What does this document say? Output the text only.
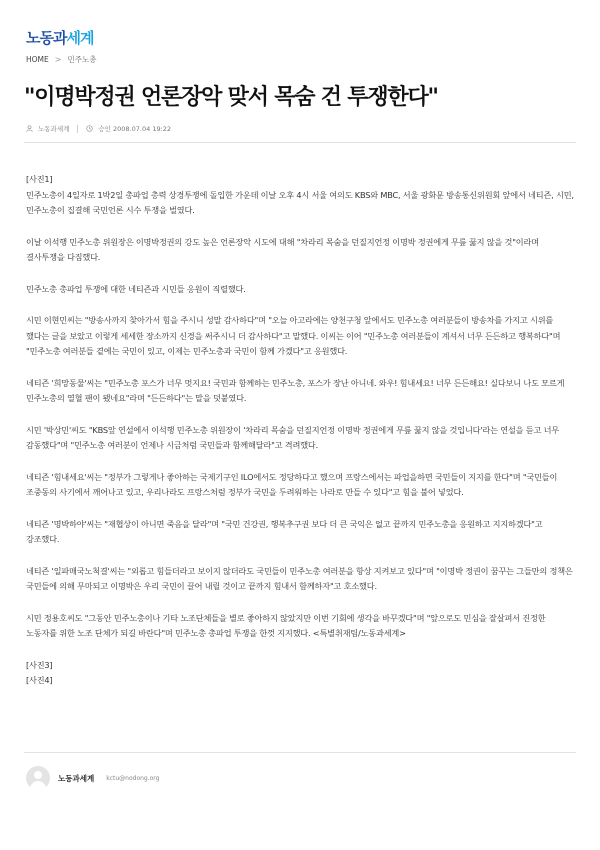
노동과세계
HOME > 민주노총
"이명박정권 언론장악 맞서 목숨 건 투쟁한다"
노동과세계	승인 2008.07.04 19:22

[사진1]
민주노총이 4일자로 1박2일 총파업 총력 상경투쟁에 돌입한 가운데 이날 오후 4시 서울 여의도 KBS와 MBC, 서울 광화문 방송통신위원회 앞에서 네티즌, 시민, 민주노총이 집결해 국민언론 시수 투쟁을 벌였다.

이날 이석행 민주노총 위원장은 이명박정권의 강도 높은 언론장악 시도에 대해 "차라리 목숨을 던질지언정 이명박 정권에게 무릎 꿇지 않을 것"이라며 결사투쟁을 다짐했다.

민주노총 총파업 투쟁에 대한 네티즌과 시민들 응원이 직렬했다.

시민 이현민씨는 "방송사까지 찾아가서 힘을 주시니 성말 감사하다"며 "오늘 아고라에는 양천구청 앞에서도 민주노총 여러분들이 방송차를 가지고 시위를 했다는 글을 보았고 이렇게 세세한 장소까지 신경을 써주시니 더 감사하다"고 말했다. 이씨는 이어 "민주노총 여러분들이 계셔서 너무 든든하고 행복하다"며 "민주노총 여러분들 곁에는 국민이 있고, 이제는 민주노총과 국민이 함께 가겠다"고 응원했다.

네티즌 '희망동물'씨는 "민주노총 포스가 너무 멋지요! 국민과 함께하는 민주노총, 포스가 장난 아니네. 와우! 힘내세요! 너무 든든해요! 실다보니 나도 모르게 민주노총의 열혈 팬이 됐네요"라며 "든든하다"는 말을 덧붙였다.

시민 '박상민'씨도 "KBS앞 연설에서 이석행 민주노총 위원장이 '차라리 목숨을 던질지언정 이명박 정권에게 무릎 꿇지 않을 것입니다'라는 연설을 듣고 너무 감동했다"며 "민주노총 여러분이 언제나 시금처럼 국민들과 함께해달라"고 격려했다.

네티즌 '힘내세요'씨는 "정부가 그렇게나 좋아하는 국제기구인 ILO에서도 정당하다고 했으며 프랑스에서는 파업을하면 국민들이 지지를 한다"며 "국민들이 조중동의 사기에서 깨어나고 있고, 우리나라도 프랑스처럼 정부가 국민을 두려워하는 나라로 만들 수 있다"고 힘을 불어 넣었다.

네티즌 '명박하야'씨는 "재협상이 아니면 죽음을 달라"며 "국민 건강권, 행복추구권 보다 더 큰 국익은 없고 끝까지 민주노총을 응원하고 지지하겠다"고 강조했다.

네티즌 '일파매국노척결'씨는 "외롭고 힘들더라고 보이지 않더라도 국민들이 민주노총 여러분을 항상 지켜보고 있다"며 "이명박 정권이 꿈꾸는 그들만의 정책은 국민들에 의해 무마되고 이명박은 우리 국민이 끌어 내릴 것이고 끝까지 힘내서 함께하자"고 호소했다.

시민 정용호씨도 "그동안 민주노총이나 기타 노조단체들을 별로 좋아하지 않았지만 이번 기회에 생각을 바꾸겠다"며 "앞으로도 민심을 잘살펴서 진정한 노동자를 위한 노조 단체가 되길 바란다"며 민주노총 총파업 투쟁을 한껏 지지했다. <특별취재팀/노동과세계>

[사진3]

[사진4]

노동과세계 kctu@nodong.org
